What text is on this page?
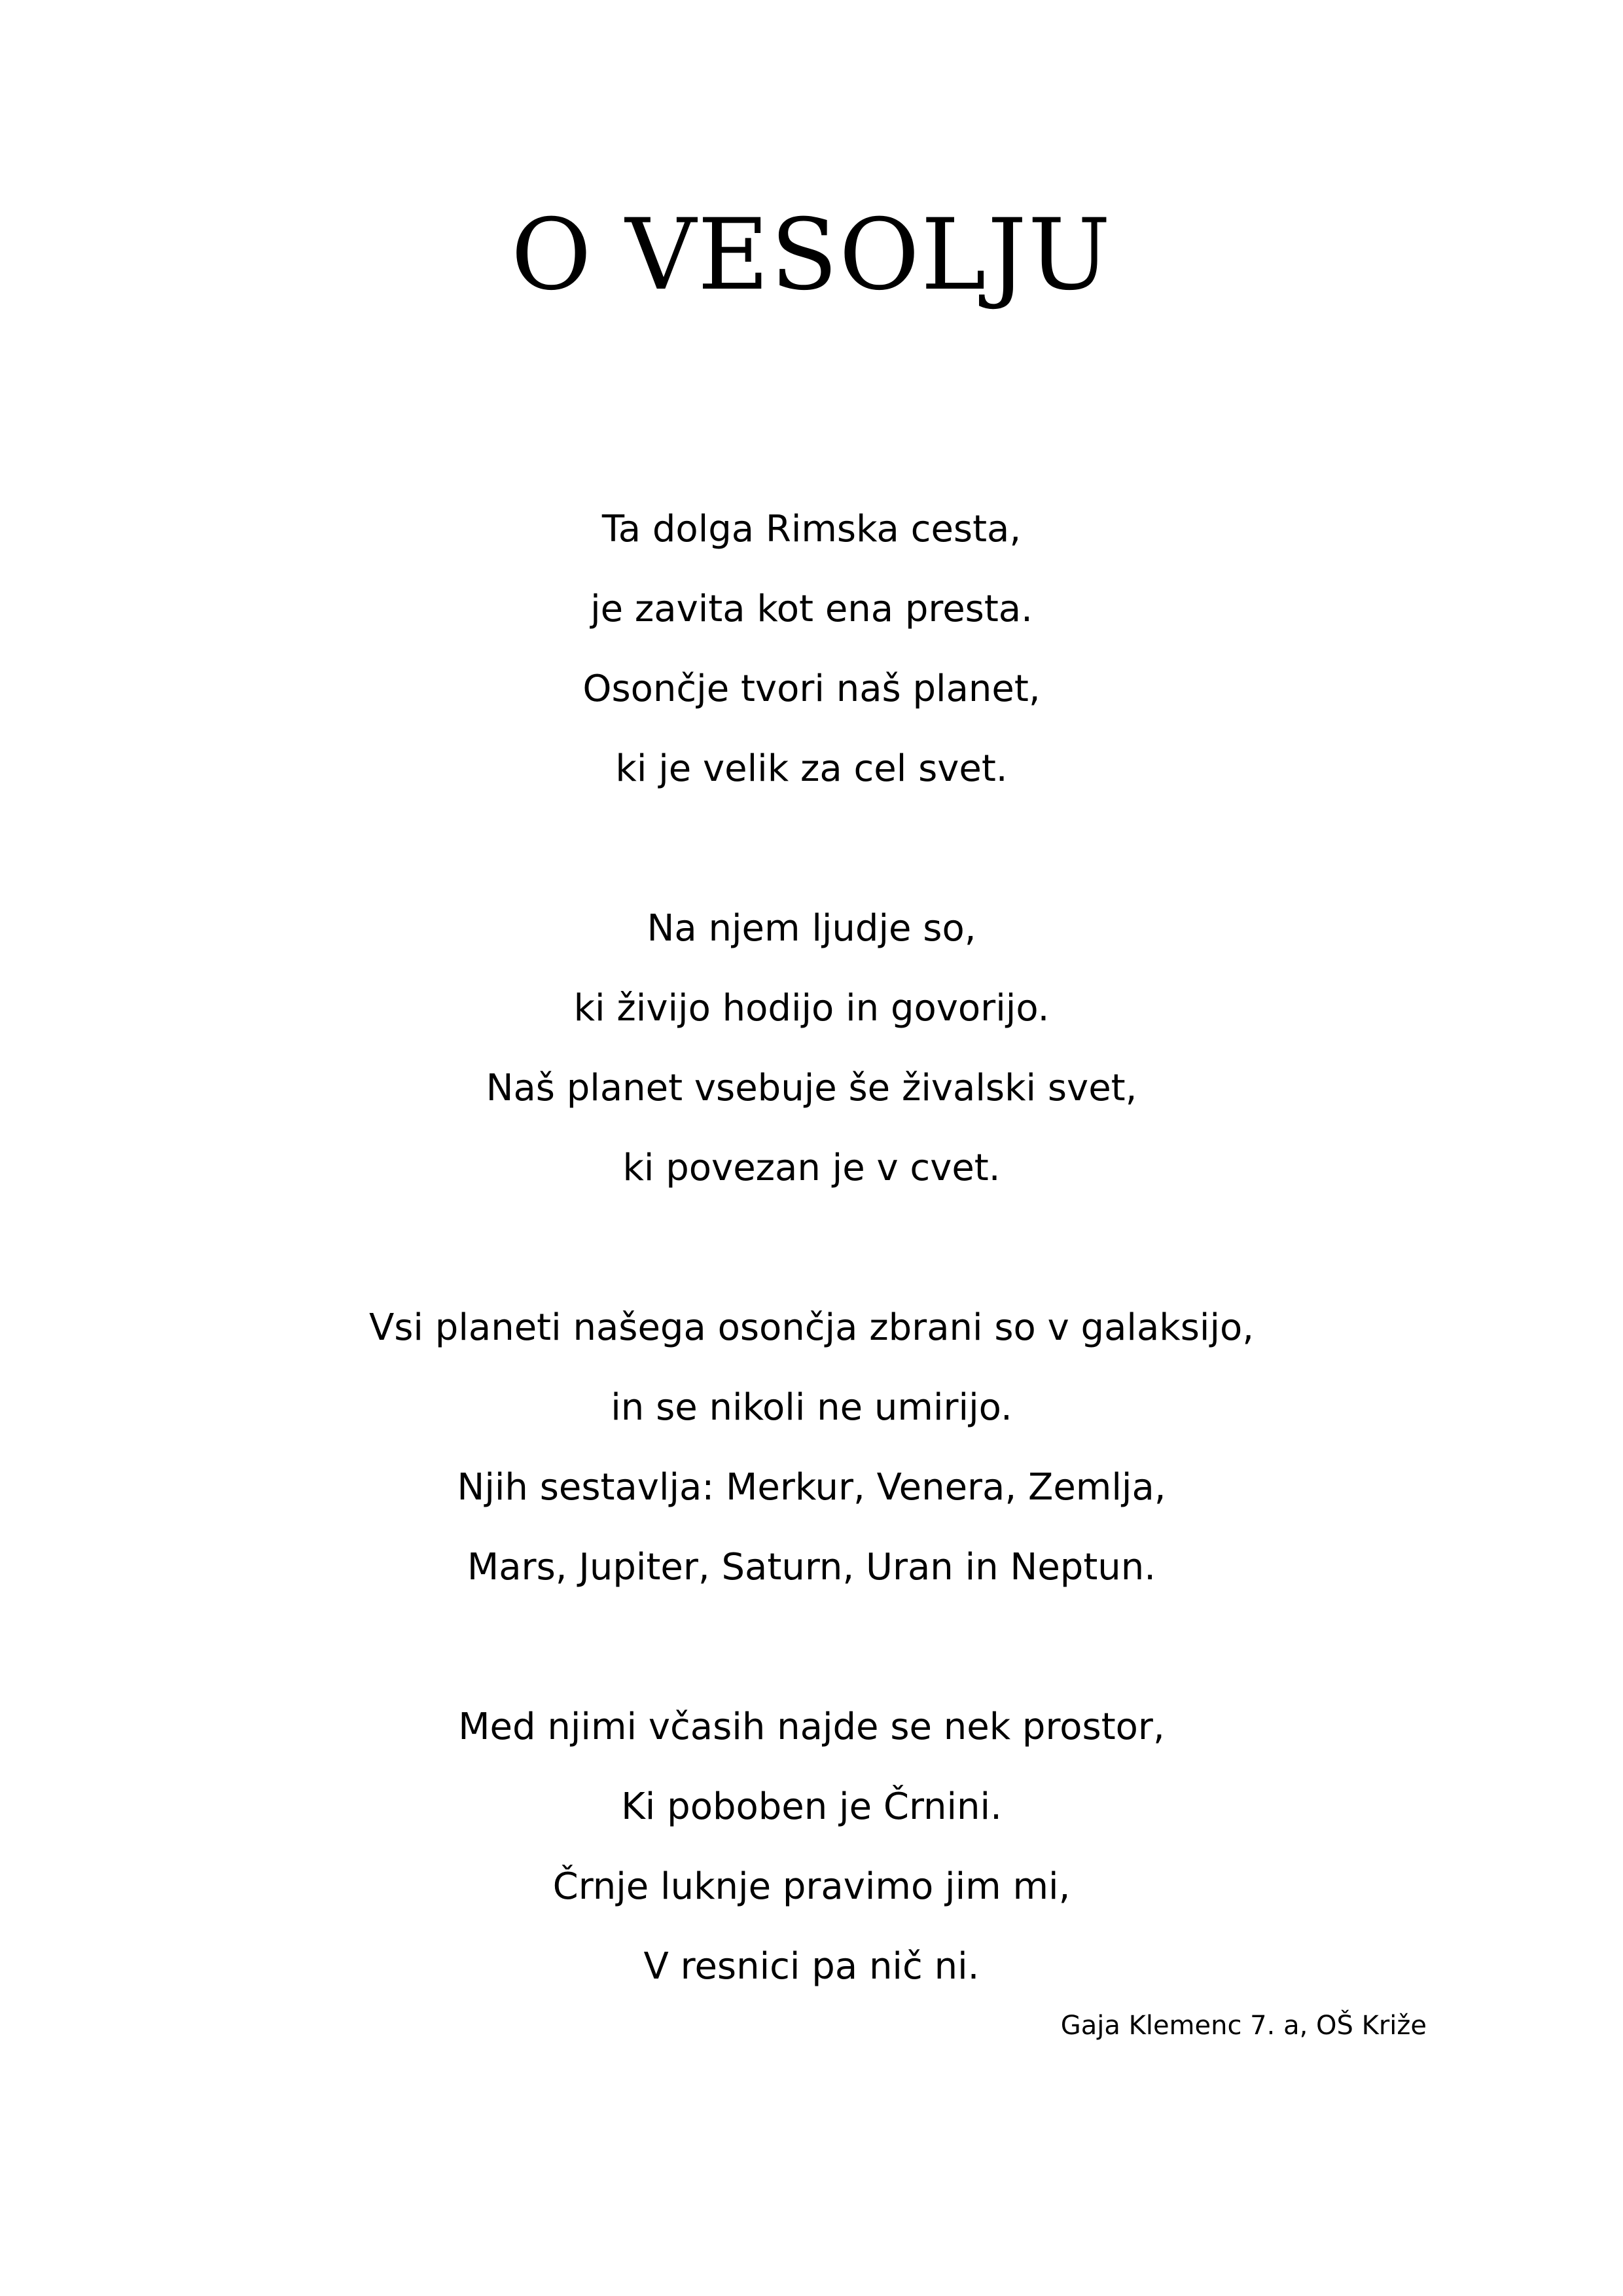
O VESOLJU
Ta dolga Rimska cesta,
je zavita kot ena presta.
Osončje tvori naš planet,
ki je velik za cel svet.
Na njem ljudje so,
ki živijo hodijo in govorijo.
Naš planet vsebuje še živalski svet,
ki povezan je v cvet.
Vsi planeti našega osončja zbrani so v galaksijo,
in se nikoli ne umirijo.
Njih sestavlja: Merkur, Venera, Zemlja,
Mars, Jupiter, Saturn, Uran in Neptun.
Med njimi včasih najde se nek prostor,
Ki poboben je Črnini.
Črnje luknje pravimo jim mi,
V resnici pa nič ni.
Gaja Klemenc 7. a, OŠ Križe
